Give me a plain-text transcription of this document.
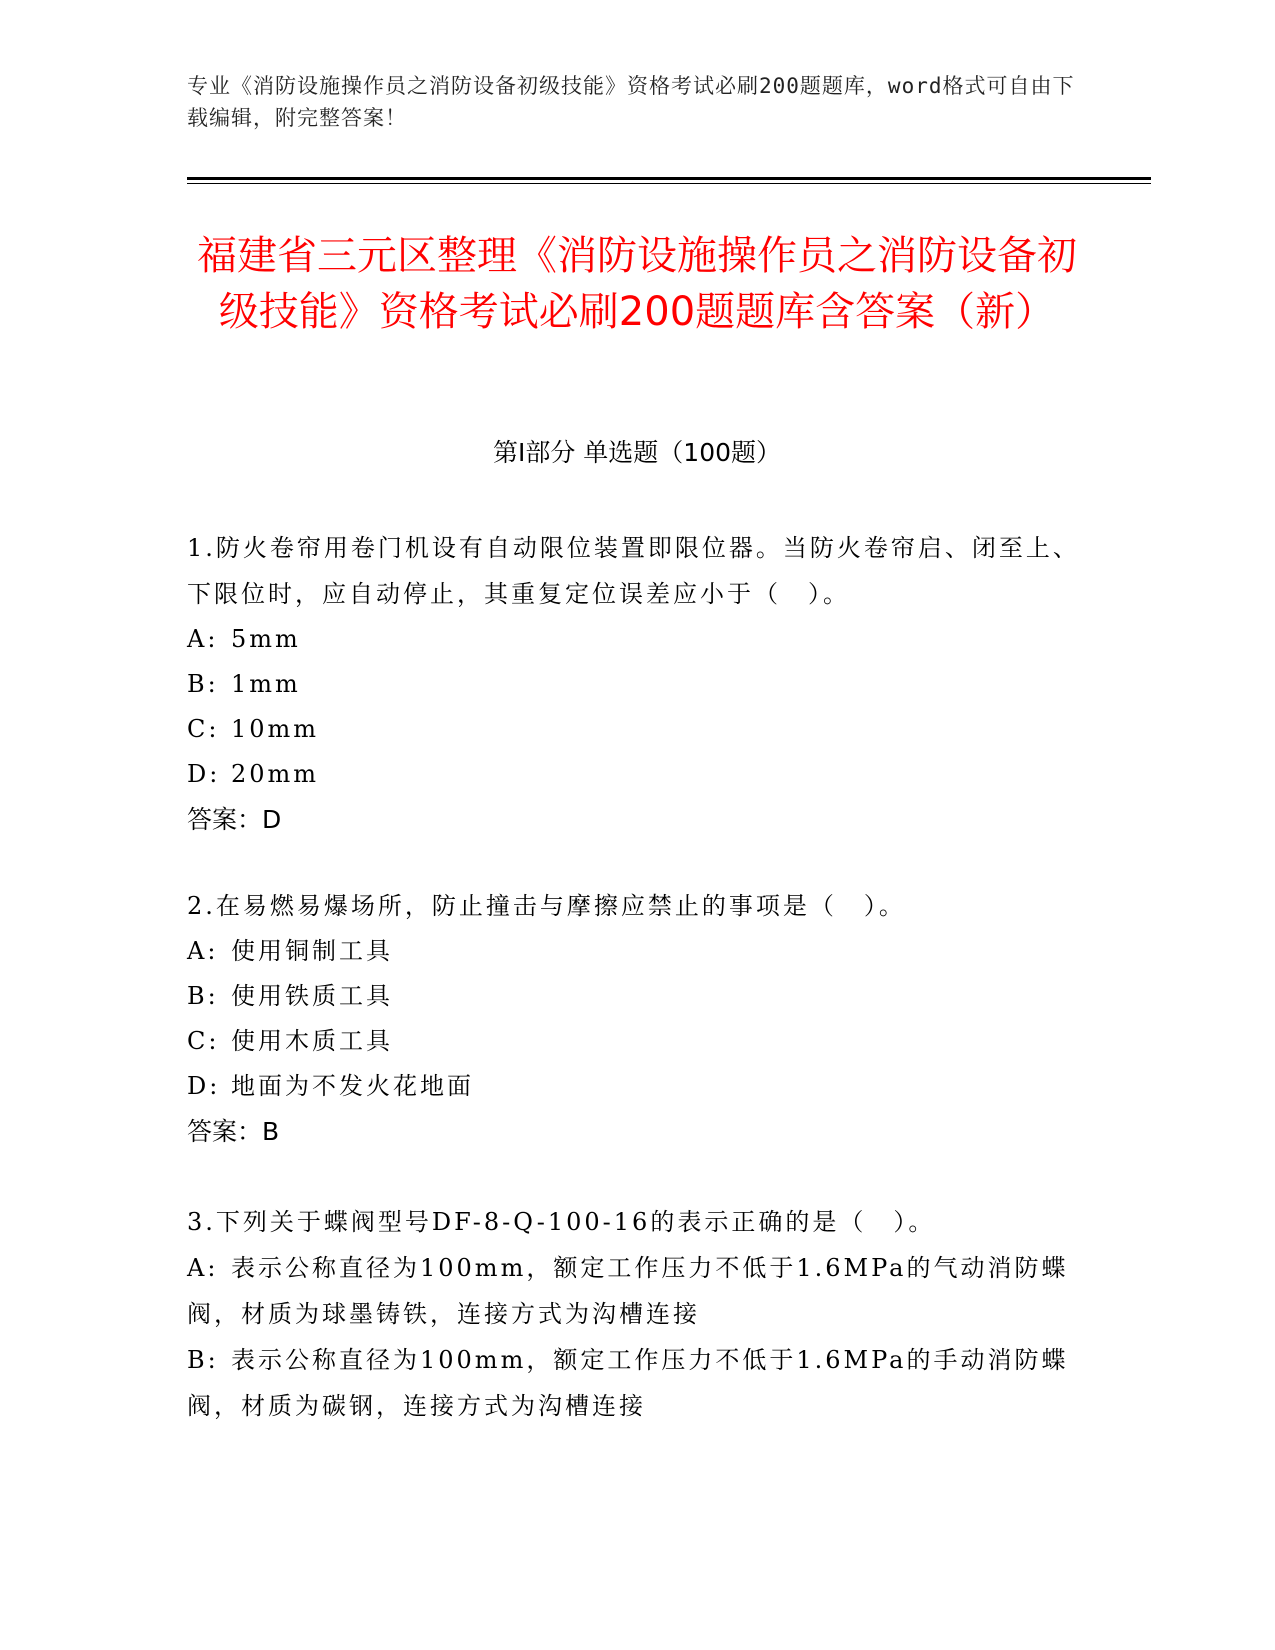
专业《消防设施操作员之消防设备初级技能》资格考试必刷200题题库，word格式可自由下载编辑，附完整答案！
福建省三元区整理《消防设施操作员之消防设备初级技能》资格考试必刷200题题库含答案（新）
第Ⅰ部分 单选题（100题）

1.防火卷帘用卷门机设有自动限位装置即限位器。当防火卷帘启、闭至上、下限位时，应自动停止，其重复定位误差应小于（　）。

A: 5mm

B: 1mm

C: 10mm

D: 20mm

答案：D

2.在易燃易爆场所，防止撞击与摩擦应禁止的事项是（　）。

A: 使用铜制工具

B: 使用铁质工具

C: 使用木质工具

D: 地面为不发火花地面

答案：B

3.下列关于蝶阀型号DF-8-Q-100-16的表示正确的是（　）。

A: 表示公称直径为100mm，额定工作压力不低于1.6MPa的气动消防蝶阀，材质为球墨铸铁，连接方式为沟槽连接

B: 表示公称直径为100mm，额定工作压力不低于1.6MPa的手动消防蝶阀，材质为碳钢，连接方式为沟槽连接
